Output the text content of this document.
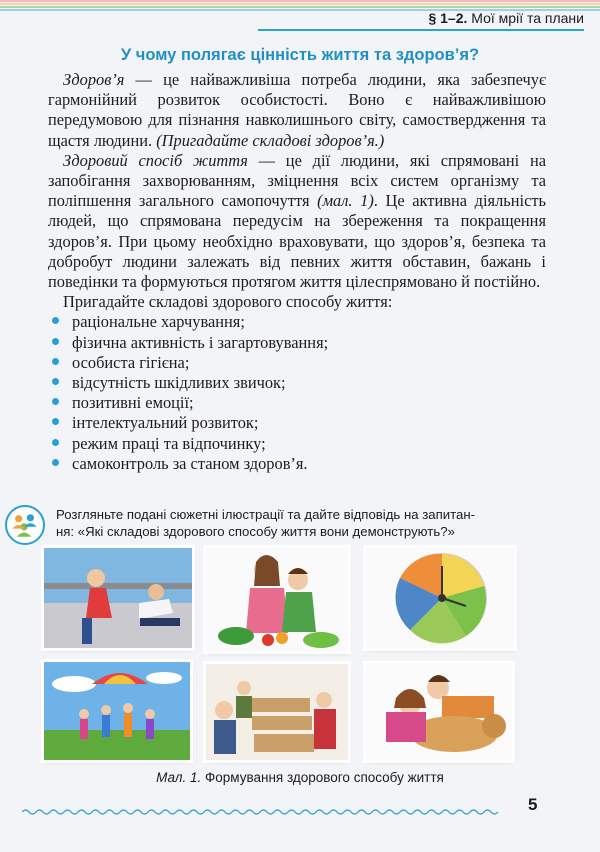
§ 1–2. Мої мрії та плани
У чому полягає цінність життя та здоров’я?

Здоров’я — це найважливіша потреба людини, яка забезпечує гармонійний розвиток особистості. Воно є найважливішою передумовою для пізнання навколишнього світу, самоствердження та щастя людини. (Пригадайте складові здоров’я.)

Здоровий спосіб життя — це дії людини, які спрямовані на запобігання захворюванням, зміцнення всіх систем організму та поліпшення загального самопочуття (мал. 1). Це активна діяльність людей, що спрямована передусім на збереження та покращення здоров’я. При цьому необхідно враховувати, що здоров’я, безпека та добробут людини залежать від певних життя обставин, бажань і поведінки та формуються протягом життя цілеспрямовано й постійно.

Пригадайте складові здорового способу життя:

раціональне харчування;
фізична активність і загартовування;
особиста гігієна;
відсутність шкідливих звичок;
позитивні емоції;
інтелектуальний розвиток;
режим праці та відпочинку;
самоконтроль за станом здоров’я.
Розгляньте подані сюжетні ілюстрації та дайте відповідь на запитан-
ня: «Які складові здорового способу життя вони демонструють?»
Мал. 1. Формування здорового способу життя
5
